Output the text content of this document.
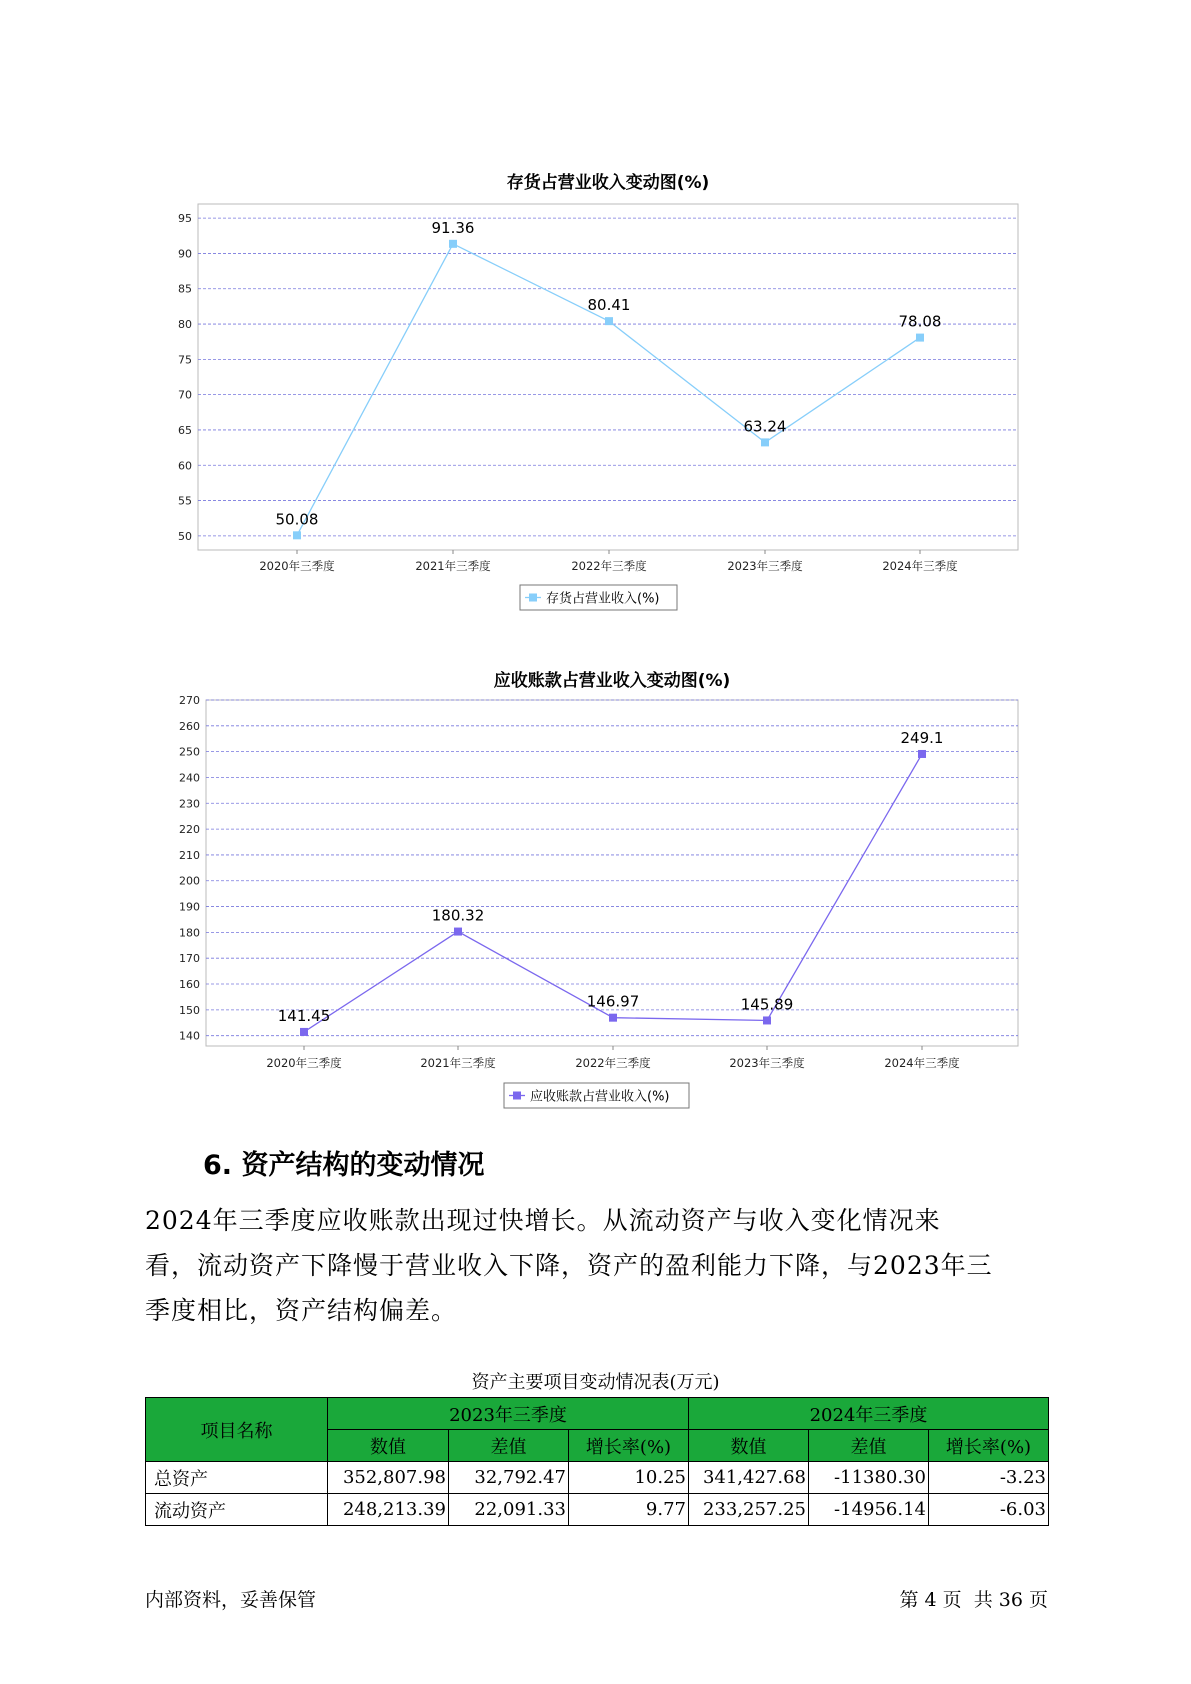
存货占营业收入变动图(%)
50
55
60
65
70
75
80
85
90
95
2020年三季度	2021年三季度	2022年三季度	2023年三季度	2024年三季度
50.08
91.36
80.41
63.24
78.08
存货占营业收入(%)
应收账款占营业收入变动图(%)
140
150
160
170
180
190
200
210
220
230
240
250
260
270
2020年三季度	2021年三季度	2022年三季度	2023年三季度	2024年三季度
141.45
180.32
146.97	145.89
249.1
应收账款占营业收入(%)
6. 资产结构的变动情况

2024年三季度应收账款出现过快增长。从流动资产与收入变化情况来

看，流动资产下降慢于营业收入下降，资产的盈利能力下降，与2023年三

季度相比，资产结构偏差。

资产主要项目变动情况表(万元)
项目名称	2023年三季度			2024年三季度		
	数值	差值	增长率(%)	数值	差值	增长率(%)
总资产	352,807.98	32,792.47	10.25	341,427.68	-11380.30	-3.23
流动资产	248,213.39	22,091.33	9.77	233,257.25	-14956.14	-6.03
内部资料，妥善保管	第 4 页  共 36 页
